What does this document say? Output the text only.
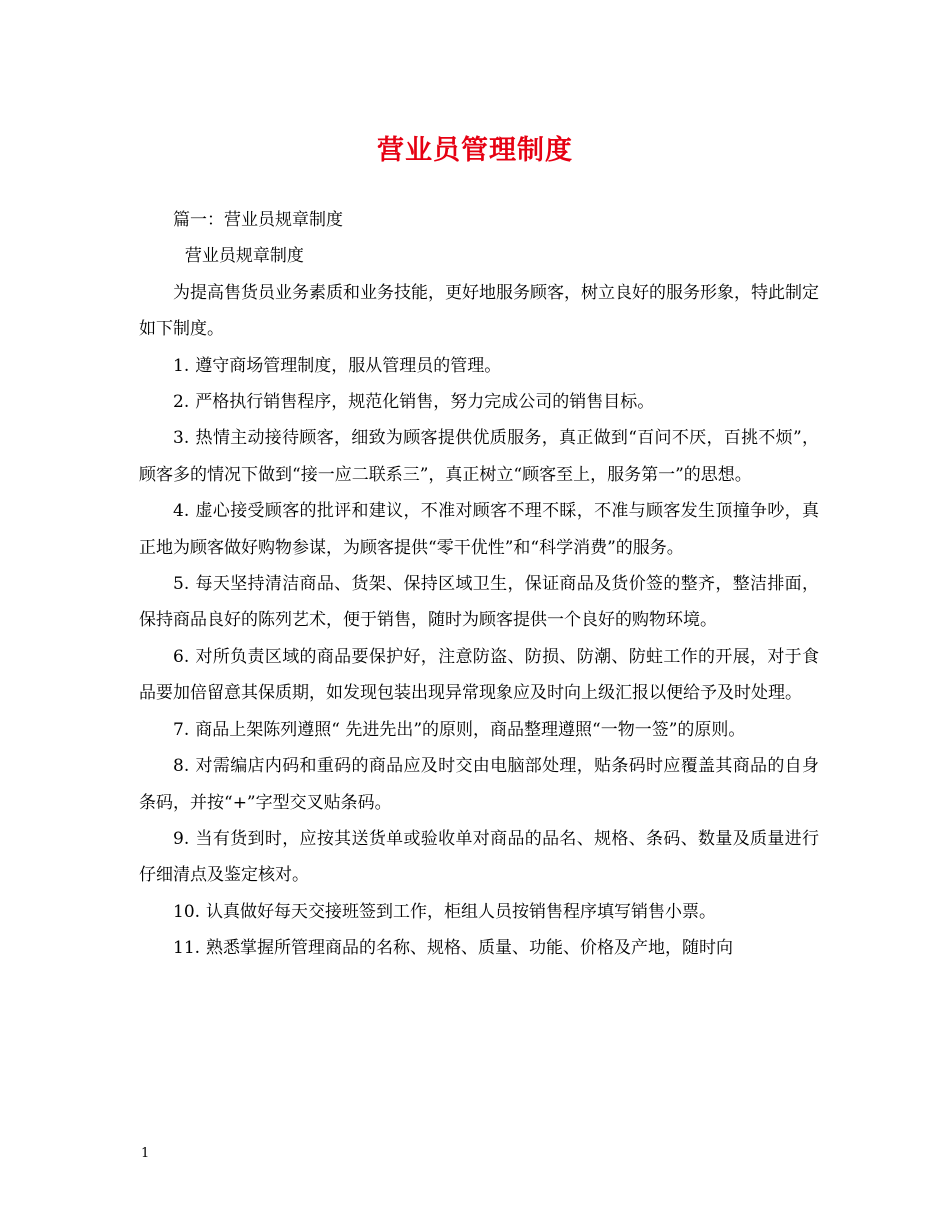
营业员管理制度

篇一：营业员规章制度

营业员规章制度

为提高售货员业务素质和业务技能，更好地服务顾客，树立良好的服务形象，特此制定如下制度。

1. 遵守商场管理制度，服从管理员的管理。

2. 严格执行销售程序，规范化销售，努力完成公司的销售目标。

3. 热情主动接待顾客，细致为顾客提供优质服务，真正做到“百问不厌，百挑不烦”，顾客多的情况下做到“接一应二联系三”，真正树立“顾客至上，服务第一”的思想。

4. 虚心接受顾客的批评和建议，不准对顾客不理不睬，不准与顾客发生顶撞争吵，真正地为顾客做好购物参谋，为顾客提供“零干优性”和“科学消费”的服务。

5. 每天坚持清洁商品、货架、保持区域卫生，保证商品及货价签的整齐，整洁排面，保持商品良好的陈列艺术，便于销售，随时为顾客提供一个良好的购物环境。

6. 对所负责区域的商品要保护好，注意防盗、防损、防潮、防蛀工作的开展，对于食品要加倍留意其保质期，如发现包装出现异常现象应及时向上级汇报以便给予及时处理。

7. 商品上架陈列遵照“ 先进先出”的原则，商品整理遵照“一物一签”的原则。

8. 对需编店内码和重码的商品应及时交由电脑部处理，贴条码时应覆盖其商品的自身条码，并按“+”字型交叉贴条码。

9. 当有货到时，应按其送货单或验收单对商品的品名、规格、条码、数量及质量进行仔细清点及鉴定核对。

10. 认真做好每天交接班签到工作，柜组人员按销售程序填写销售小票。

11. 熟悉掌握所管理商品的名称、规格、质量、功能、价格及产地，随时向

1
